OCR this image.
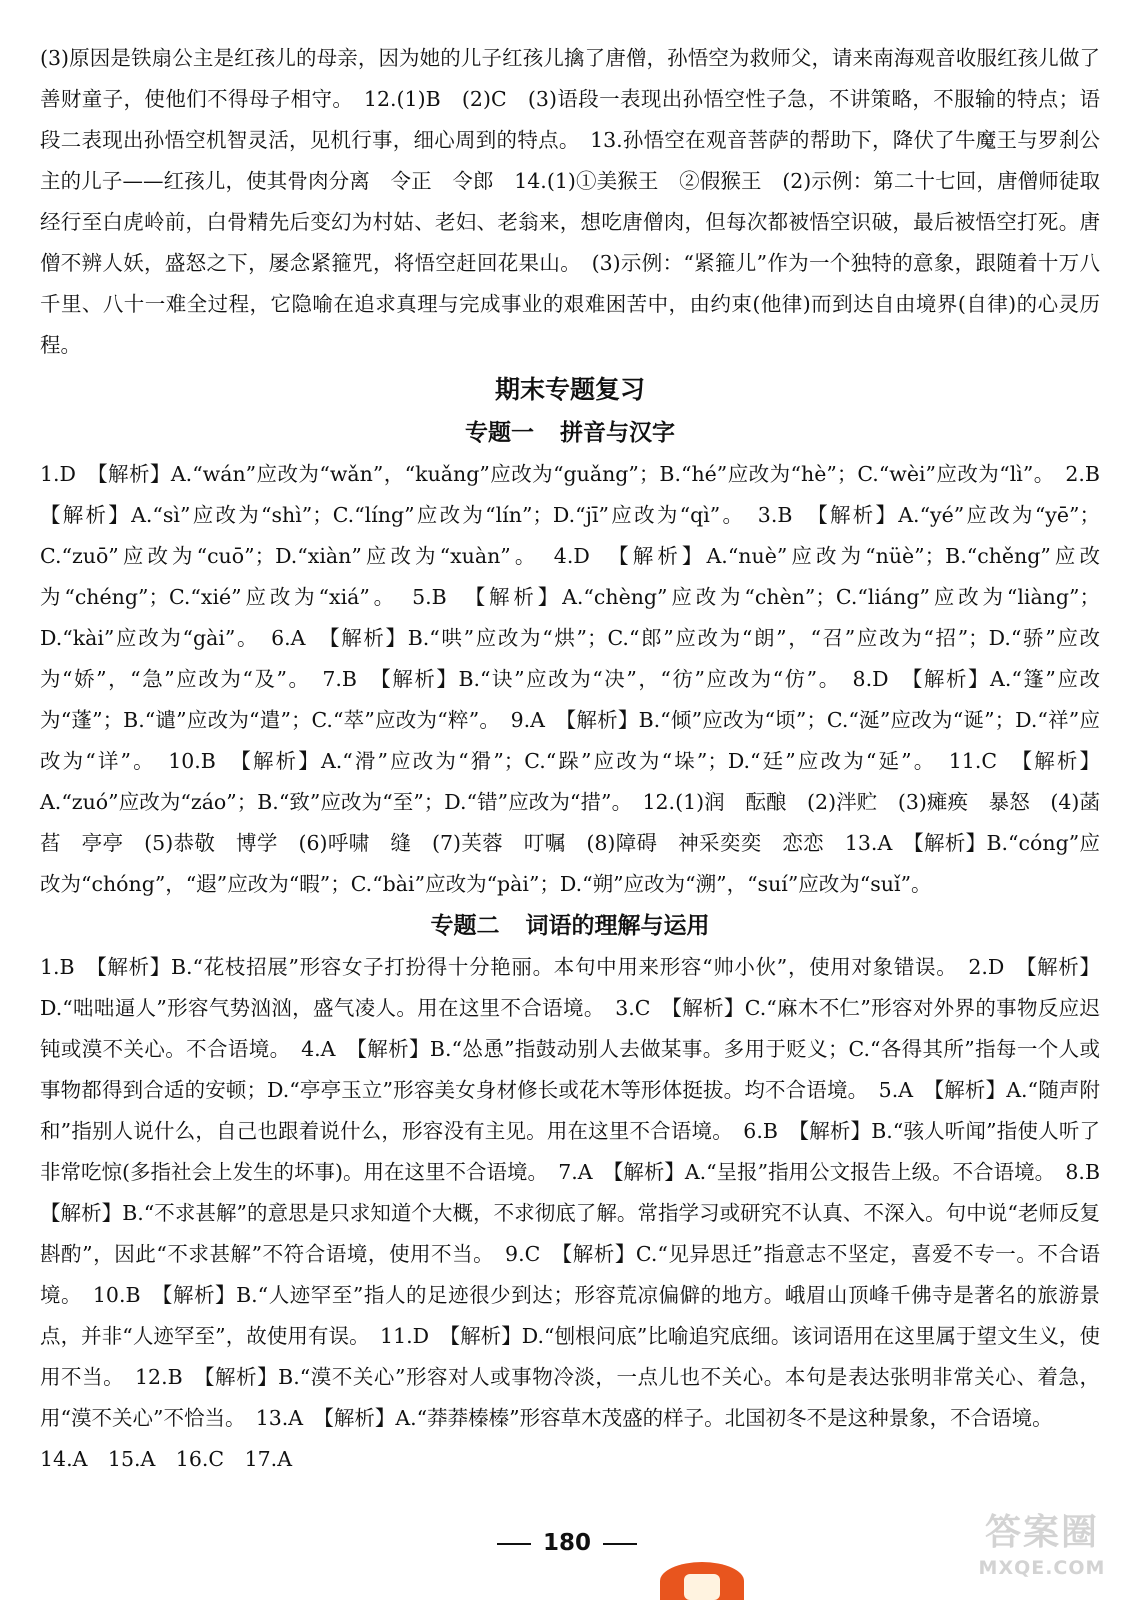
(3)原因是铁扇公主是红孩儿的母亲，因为她的儿子红孩儿擒了唐僧，孙悟空为救师父，请来南海观音收服红孩儿做了善财童子，使他们不得母子相守。　12.(1)B　(2)C　(3)语段一表现出孙悟空性子急，不讲策略，不服输的特点；语段二表现出孙悟空机智灵活，见机行事，细心周到的特点。　13.孙悟空在观音菩萨的帮助下，降伏了牛魔王与罗刹公主的儿子——红孩儿，使其骨肉分离　令正　令郎　14.(1)①美猴王　②假猴王　(2)示例：第二十七回，唐僧师徒取经行至白虎岭前，白骨精先后变幻为村姑、老妇、老翁来，想吃唐僧肉，但每次都被悟空识破，最后被悟空打死。唐僧不辨人妖，盛怒之下，屡念紧箍咒，将悟空赶回花果山。　(3)示例：“紧箍儿”作为一个独特的意象，跟随着十万八千里、八十一难全过程，它隐喻在追求真理与完成事业的艰难困苦中，由约束(他律)而到达自由境界(自律)的心灵历程。

期末专题复习
专题一 拼音与汉字

1.D　【解析】A.“wán”应改为“wǎn”，“kuǎng”应改为“guǎng”；B.“hé”应改为“hè”；C.“wèi”应改为“lì”。　2.B　【解析】A.“sì”应改为“shì”；C.“líng”应改为“lín”；D.“jī”应改为“qì”。　3.B　【解析】A.“yé”应改为“yē”；C.“zuō”应改为“cuō”；D.“xiàn”应改为“xuàn”。　4.D　【解析】A.“nuè”应改为“nüè”；B.“chěng”应改为“chéng”；C.“xié”应改为“xiá”。　5.B　【解析】A.“chèng”应改为“chèn”；C.“liáng”应改为“liàng”；D.“kài”应改为“gài”。　6.A　【解析】B.“哄”应改为“烘”；C.“郎”应改为“朗”，“召”应改为“招”；D.“骄”应改为“娇”，“急”应改为“及”。　7.B　【解析】B.“诀”应改为“决”，“彷”应改为“仿”。　8.D　【解析】A.“篷”应改为“蓬”；B.“谴”应改为“遣”；C.“萃”应改为“粹”。　9.A　【解析】B.“倾”应改为“顷”；C.“涎”应改为“诞”；D.“祥”应改为“详”。　10.B　【解析】A.“滑”应改为“猾”；C.“跺”应改为“垛”；D.“廷”应改为“延”。　11.C　【解析】A.“zuó”应改为“záo”；B.“致”应改为“至”；D.“错”应改为“措”。　12.(1)润　酝酿　(2)泮贮　(3)瘫痪　暴怒　(4)菡萏　亭亭　(5)恭敬　博学　(6)呼啸　缝　(7)芙蓉　叮嘱　(8)障碍　神采奕奕　恋恋　13.A　【解析】B.“cóng”应改为“chóng”，“遐”应改为“暇”；C.“bài”应改为“pài”；D.“朔”应改为“溯”，“suí”应改为“suǐ”。

专题二 词语的理解与运用

1.B　【解析】B.“花枝招展”形容女子打扮得十分艳丽。本句中用来形容“帅小伙”，使用对象错误。　2.D　【解析】D.“咄咄逼人”形容气势汹汹，盛气凌人。用在这里不合语境。　3.C　【解析】C.“麻木不仁”形容对外界的事物反应迟钝或漠不关心。不合语境。　4.A　【解析】B.“怂恿”指鼓动别人去做某事。多用于贬义；C.“各得其所”指每一个人或事物都得到合适的安顿；D.“亭亭玉立”形容美女身材修长或花木等形体挺拔。均不合语境。　5.A　【解析】A.“随声附和”指别人说什么，自己也跟着说什么，形容没有主见。用在这里不合语境。　6.B　【解析】B.“骇人听闻”指使人听了非常吃惊(多指社会上发生的坏事)。用在这里不合语境。　7.A　【解析】A.“呈报”指用公文报告上级。不合语境。　8.B　【解析】B.“不求甚解”的意思是只求知道个大概，不求彻底了解。常指学习或研究不认真、不深入。句中说“老师反复斟酌”，因此“不求甚解”不符合语境，使用不当。　9.C　【解析】C.“见异思迁”指意志不坚定，喜爱不专一。不合语境。　10.B　【解析】B.“人迹罕至”指人的足迹很少到达；形容荒凉偏僻的地方。峨眉山顶峰千佛寺是著名的旅游景点，并非“人迹罕至”，故使用有误。　11.D　【解析】D.“刨根问底”比喻追究底细。该词语用在这里属于望文生义，使用不当。　12.B　【解析】B.“漠不关心”形容对人或事物冷淡，一点儿也不关心。本句是表达张明非常关心、着急，用“漠不关心”不恰当。　13.A　【解析】A.“莽莽榛榛”形容草木茂盛的样子。北国初冬不是这种景象，不合语境。

14.A　15.A　16.C　17.A

180	答案圈
MXQE.COM
